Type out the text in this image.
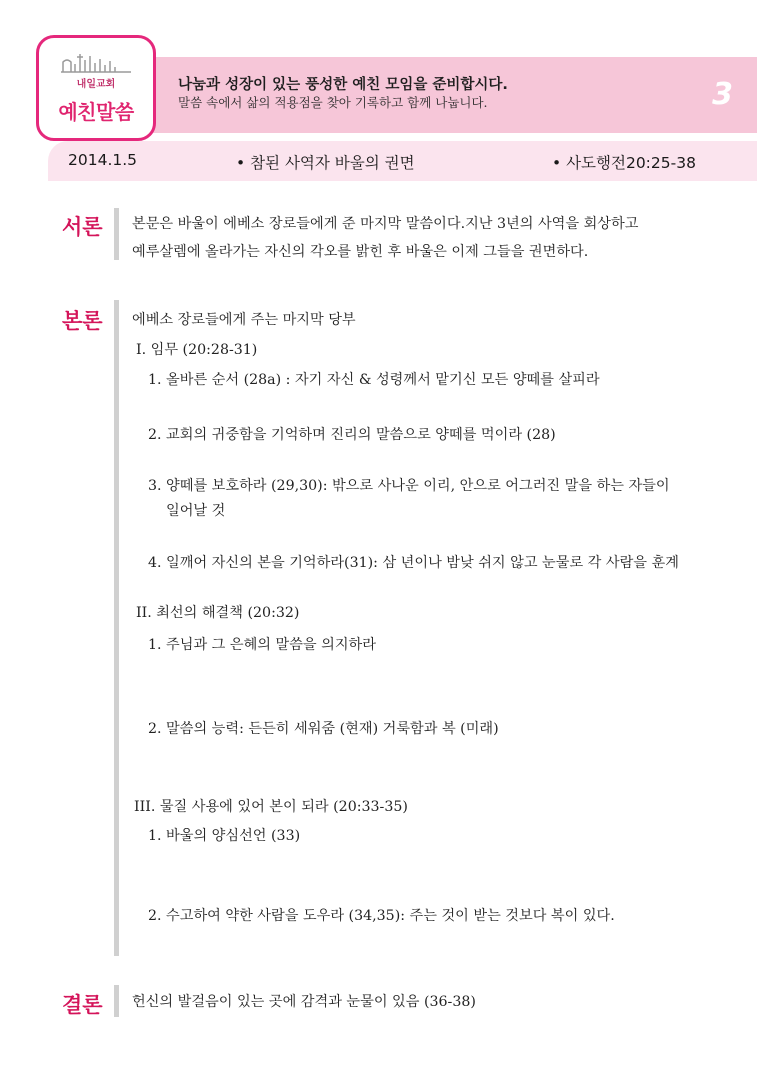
나눔과 성장이 있는 풍성한 예친 모임을 준비합시다.
말씀 속에서 삶의 적용점을 찾아 기록하고 함께 나눕니다.	3
2014.1.5	• 참된 사역자 바울의 권면	• 사도행전20:25-38
내일교회
예친말씀
서론 본문은 바울이 에베소 장로들에게 준 마지막 말씀이다.지난 3년의 사역을 회상하고
예루살렘에 올라가는 자신의 각오를 밝힌 후 바울은 이제 그들을 권면하다.
본론 에베소 장로들에게 주는 마지막 당부
I. 임무 (20:28-31)
1. 올바른 순서 (28a) : 자기 자신 & 성령께서 맡기신 모든 양떼를 살피라
2. 교회의 귀중함을 기억하며 진리의 말씀으로 양떼를 먹이라 (28)
3. 양떼를 보호하라 (29,30): 밖으로 사나운 이리, 안으로 어그러진 말을 하는 자들이
일어날 것
4. 일깨어 자신의 본을 기억하라(31): 삼 년이나 밤낮 쉬지 않고 눈물로 각 사람을 훈계
II. 최선의 해결책 (20:32)
1. 주님과 그 은혜의 말씀을 의지하라
2. 말씀의 능력: 든든히 세워줌 (현재) 거룩함과 복 (미래)
III. 물질 사용에 있어 본이 되라 (20:33-35)
1. 바울의 양심선언 (33)
2. 수고하여 약한 사람을 도우라 (34,35): 주는 것이 받는 것보다 복이 있다.
결론 헌신의 발걸음이 있는 곳에 감격과 눈물이 있음 (36-38)
